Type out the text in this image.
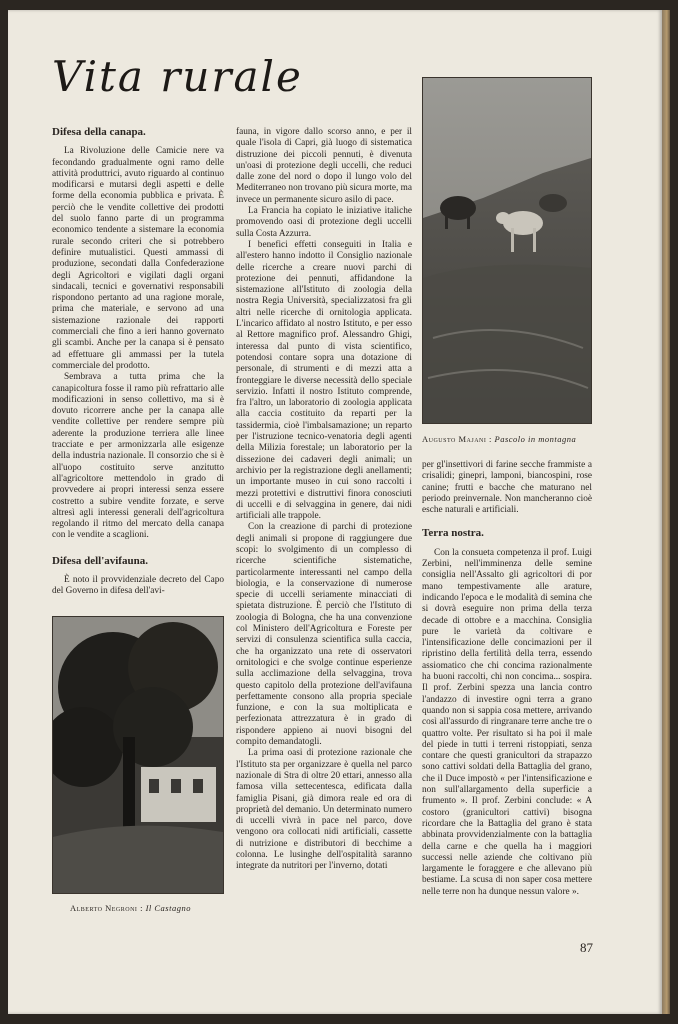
Vita rurale
Difesa della canapa.

La Rivoluzione delle Camicie nere va fecondando gradualmente ogni ramo delle attività produttrici, avuto riguardo al continuo modificarsi e mutarsi degli aspetti e delle forme della economia pubblica e privata. È perciò che le vendite collettive dei prodotti del suolo fanno parte di un programma economico tendente a sistemare la economia rurale secondo criteri che si potrebbero definire mutualistici. Questi ammassi di produzione, secondati dalla Confederazione degli Agricoltori e vigilati dagli organi sindacali, tecnici e governativi responsabili rispondono pertanto ad una ragione morale, prima che materiale, e servono ad una sistemazione razionale dei rapporti commerciali che fino a ieri hanno governato gli scambi. Anche per la canapa si è pensato ad effettuare gli ammassi per la tutela commerciale del prodotto.

Sembrava a tutta prima che la canapicoltura fosse il ramo più refrattario alle modificazioni in senso collettivo, ma si è dovuto ricorrere anche per la canapa alle vendite collettive per rendere sempre più aderente la produzione terriera alle linee tracciate e per armonizzarla alle esigenze della industria nazionale. Il consorzio che si è all'uopo costituito serve anzitutto all'agricoltore mettendolo in grado di provvedere ai propri interessi senza essere costretto a subire vendite forzate, e serve altresì agli interessi generali dell'agricoltura regolando il ritmo del mercato della canapa con le vendite a scaglioni.

Difesa dell'avifauna.

È noto il provvidenziale decreto del Capo del Governo in difesa dell'avi-

fauna, in vigore dallo scorso anno, e per il quale l'isola di Capri, già luogo di sistematica distruzione dei piccoli pennuti, è divenuta un'oasi di protezione degli uccelli, che reduci dalle zone del nord o dopo il lungo volo del Mediterraneo non trovano più sicura morte, ma invece un permanente sicuro asilo di pace.

La Francia ha copiato le iniziative italiche promovendo oasi di protezione degli uccelli sulla Costa Azzurra.

I benefici effetti conseguiti in Italia e all'estero hanno indotto il Consiglio nazionale delle ricerche a creare nuovi parchi di protezione dei pennuti, affidandone la sistemazione all'Istituto di zoologia della nostra Regia Università, specializzatosi fra gli altri nelle ricerche di ornitologia applicata. L'incarico affidato al nostro Istituto, e per esso al Rettore magnifico prof. Alessandro Ghigi, interessa dal punto di vista scientifico, potendosi contare sopra una dotazione di personale, di strumenti e di mezzi atta a fronteggiare le diverse necessità dello speciale servizio. Infatti il nostro Istituto comprende, fra l'altro, un laboratorio di zoologia applicata alla caccia costituito da reparti per la tassidermia, cioè l'imbalsamazione; un reparto per l'istruzione tecnico-venatoria degli agenti della Milizia forestale; un laboratorio per la dissezione dei cadaveri degli animali; un archivio per la registrazione degli anellamenti; un importante museo in cui sono raccolti i mezzi protettivi e distruttivi finora conosciuti di uccelli e di selvaggina in genere, dai nidi artificiali alle trappole.

Con la creazione di parchi di protezione degli animali si propone di raggiungere due scopi: lo svolgimento di un complesso di ricerche scientifiche sistematiche, particolarmente interessanti nel campo della biologia, e la conservazione di numerose specie di uccelli seriamente minacciati di spietata distruzione. È perciò che l'Istituto di zoologia di Bologna, che ha una convenzione col Ministero dell'Agricoltura e Foreste per servizi di consulenza scientifica sulla caccia, che ha organizzato una rete di osservatori ornitologici e che svolge continue esperienze sulla acclimazione della selvaggina, trova questo capitolo della protezione dell'avifauna perfettamente consono alla propria speciale funzione, e con la sua moltiplicata e perfezionata attrezzatura è in grado di rispondere appieno ai nuovi bisogni del compito demandatogli.

La prima oasi di protezione razionale che l'Istituto sta per organizzare è quella nel parco nazionale di Stra di oltre 20 ettari, annesso alla famosa villa settecentesca, edificata dalla famiglia Pisani, già dimora reale ed ora di proprietà del demanio. Un determinato numero di uccelli vivrà in pace nel parco, dove vengono ora collocati nidi artificiali, cassette di nutrizione e distributori di becchime a colonna. Le lusinghe dell'ospitalità saranno integrate da nutritori per l'inverno, dotati

Augusto Majani : Pascolo in montagna

per gl'insettivori di farine secche frammiste a crisalidi; ginepri, lamponi, biancospini, rose canine; frutti e bacche che maturano nel periodo preinvernale. Non mancheranno cioè esche naturali e artificiali.

Terra nostra.

Con la consueta competenza il prof. Luigi Zerbini, nell'imminenza delle semine consiglia nell'Assalto gli agricoltori di por mano tempestivamente alle arature, indicando l'epoca e le modalità di semina che si dovrà eseguire non prima della terza decade di ottobre e a macchina. Consiglia pure le varietà da coltivare e l'intensificazione delle concimazioni per il ripristino della fertilità della terra, essendo assiomatico che chi concima razionalmente ha buoni raccolti, chi non concima... sospira. Il prof. Zerbini spezza una lancia contro l'andazzo di investire ogni terra a grano quando non si sappia cosa mettere, arrivando così all'assurdo di ringranare terre anche tre o quattro volte. Per risultato si ha poi il male del piede in tutti i terreni ristoppiati, senza contare che questi granicultori da strapazzo sono cattivi soldati della Battaglia del grano, che il Duce impostò « per l'intensificazione e non sull'allargamento della superficie a frumento ». Il prof. Zerbini conclude: « A costoro (granicultori cattivi) bisogna ricordare che la Battaglia del grano è stata abbinata provvidenzialmente con la battaglia della carne e che quella ha i maggiori successi nelle aziende che coltivano più largamente le foraggere e che allevano più bestiame. La scusa di non saper cosa mettere nelle terre non ha dunque nessun valore ».

Alberto Negroni : Il Castagno
87
